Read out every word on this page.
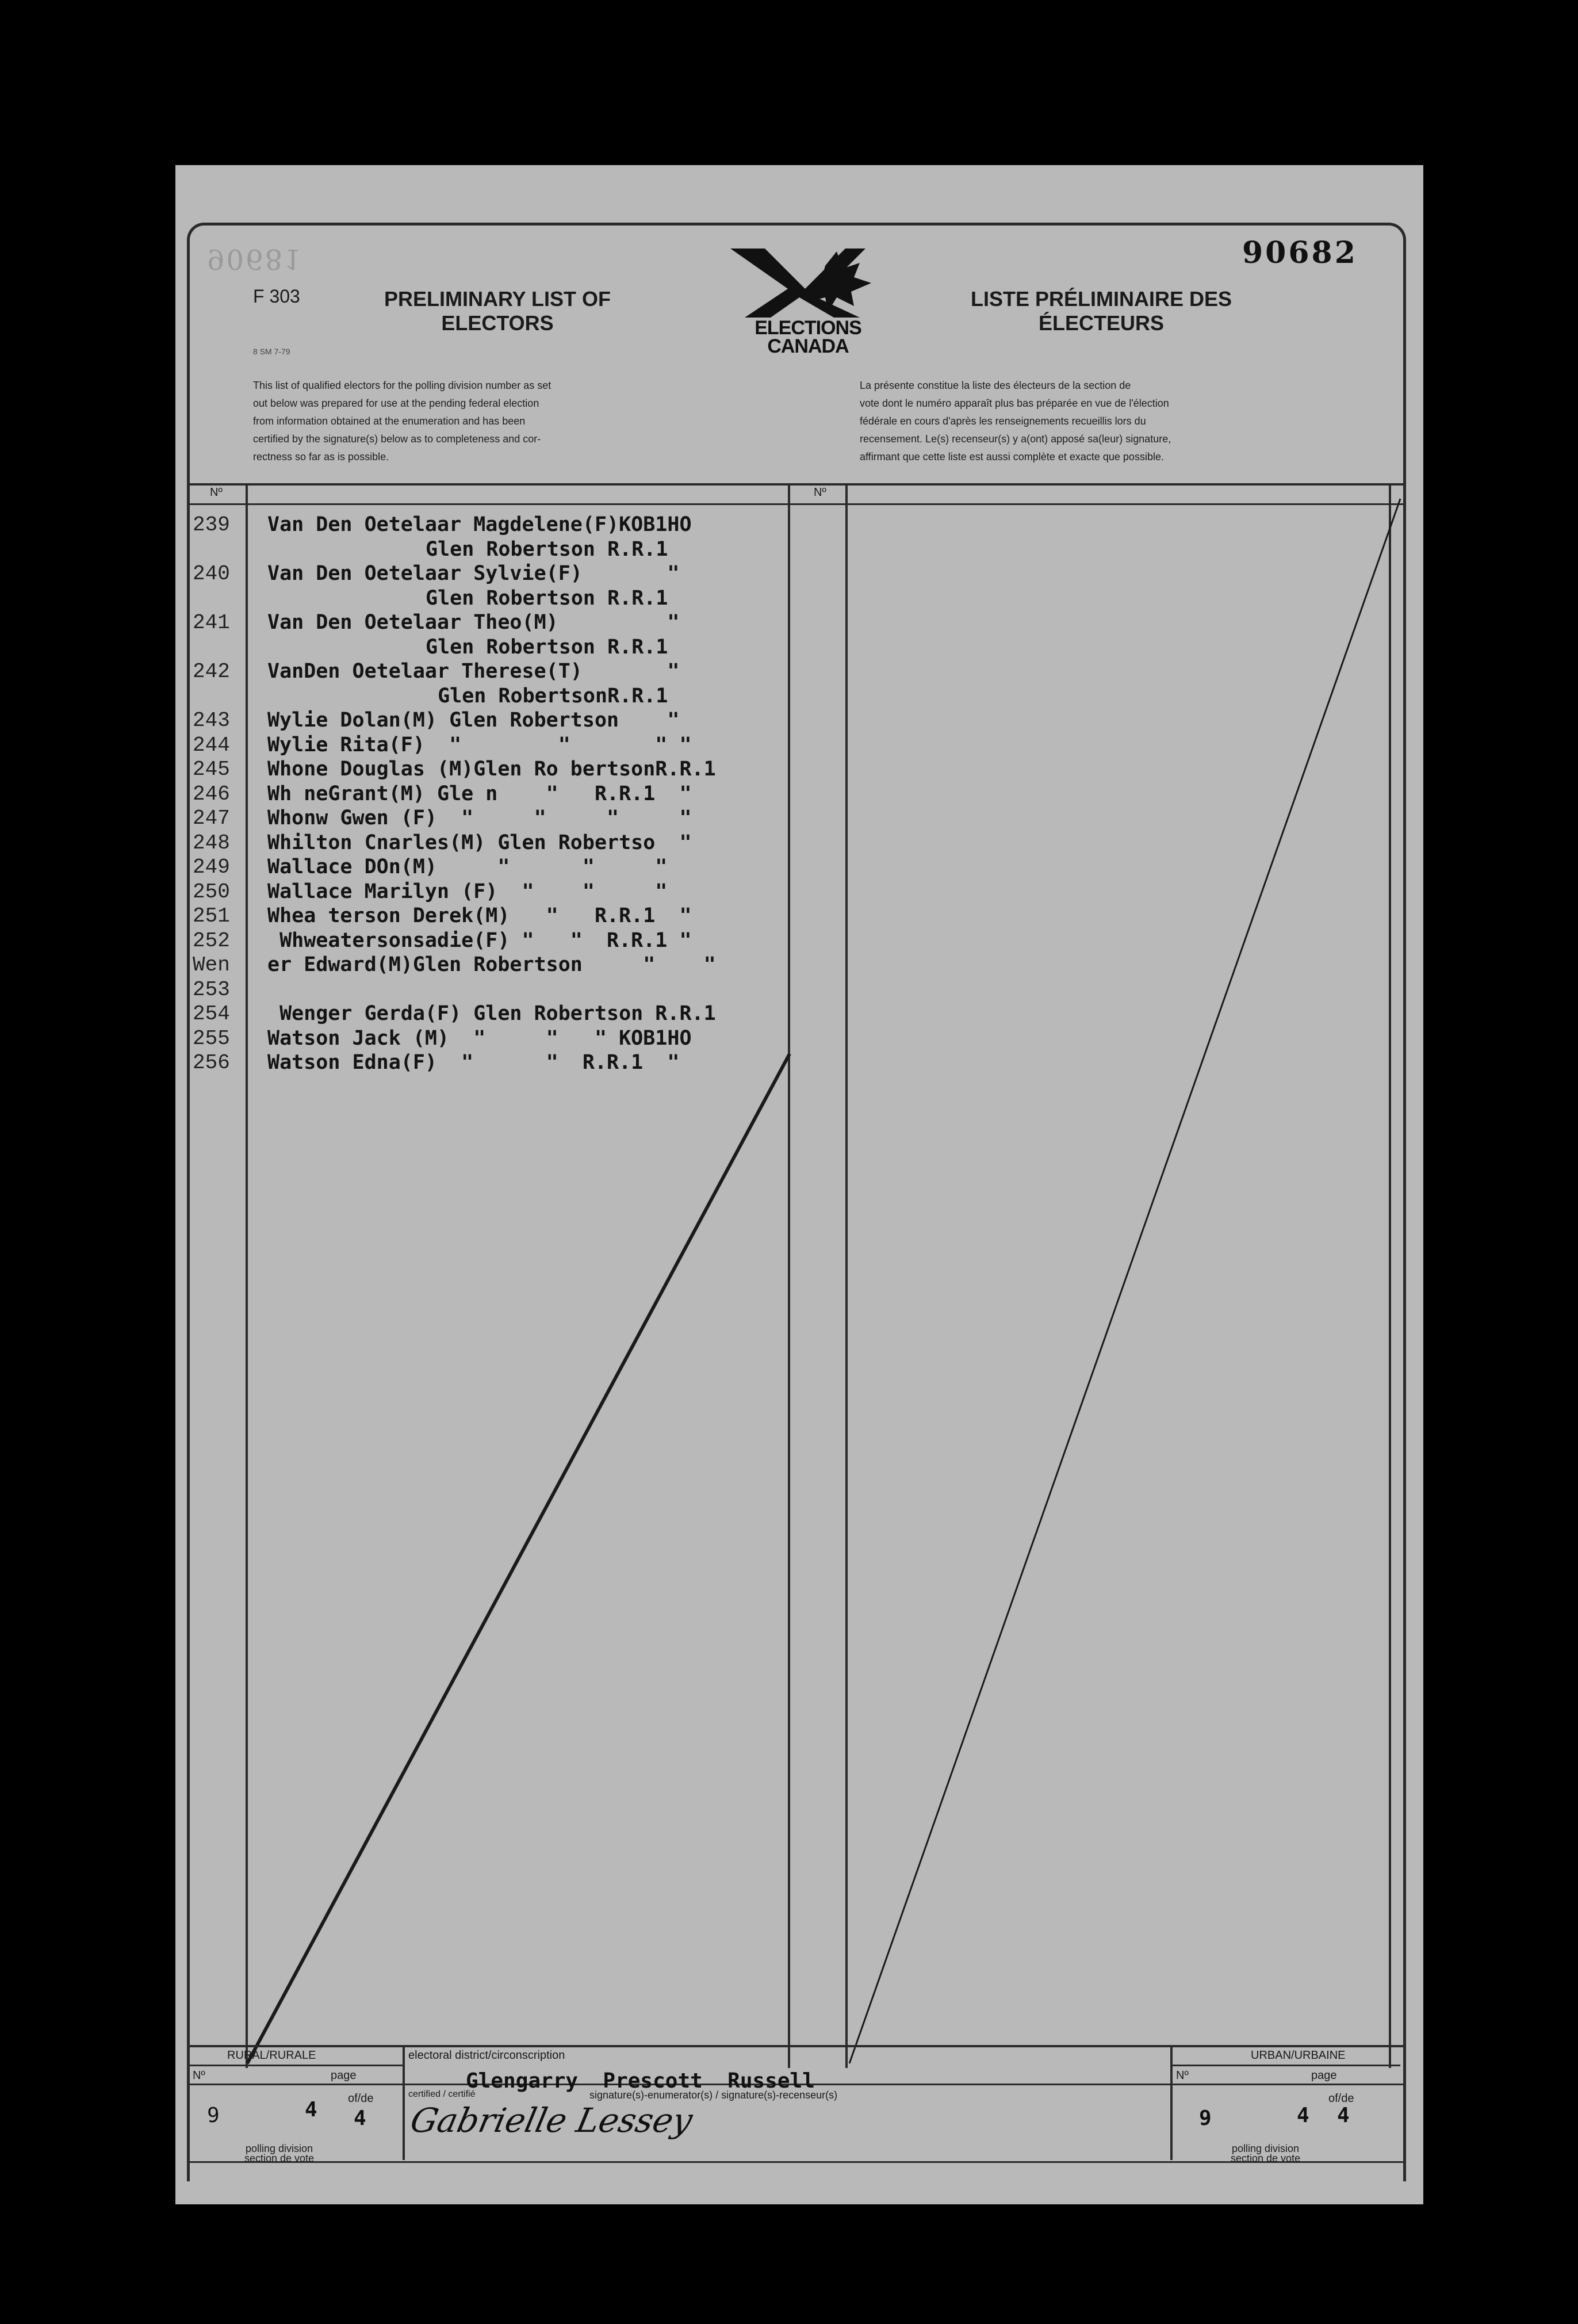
90681	90682
F 303
8 SM 7-79
PRELIMINARY LIST OF
ELECTORS
LISTE PRÉLIMINAIRE DES
ÉLECTEURS
ELECTIONS
CANADA
This list of qualified electors for the polling division number as set
out below was prepared for use at the pending federal election
from information obtained at the enumeration and has been
certified by the signature(s) below as to completeness and cor-
rectness so far as is possible.
La présente constitue la liste des électeurs de la section de
vote dont le numéro apparaît plus bas préparée en vue de l'élection
fédérale en cours d'après les renseignements recueillis lors du
recensement. Le(s) recenseur(s) y a(ont) apposé sa(leur) signature,
affirmant que cette liste est aussi complète et exacte que possible.
Nº	Nº
239	Van Den Oetelaar Magdelene(F)KOB1HO
Glen Robertson R.R.1
240	Van Den Oetelaar Sylvie(F)       "
Glen Robertson R.R.1
241	Van Den Oetelaar Theo(M)         "
Glen Robertson R.R.1
242	VanDen Oetelaar Therese(T)       "
Glen RobertsonR.R.1
243	Wylie Dolan(M) Glen Robertson    "
244	Wylie Rita(F)  "        "       " "
245	Whone Douglas (M)Glen Ro bertsonR.R.1
246	Wh neGrant(M) Gle n    "   R.R.1  "
247	Whonw Gwen (F)  "     "     "     "
248	Whilton Cnarles(M) Glen Robertso  "
249	Wallace DOn(M)     "      "     "
250	Wallace Marilyn (F)  "    "     "
251	Whea terson Derek(M)   "   R.R.1  "
252	Whweatersonsadie(F) "   "  R.R.1 "
Wen	er Edward(M)Glen Robertson     "    "
253
254	Wenger Gerda(F) Glen Robertson R.R.1
255	Watson Jack (M)  "     "   " KOB1HO
256	Watson Edna(F)  "      "  R.R.1  "
RURAL/RURALE	URBAN/URBAINE
electoral district/circonscription
Glengarry  Prescott  Russell
Nº	page
9	4	of/de
4
polling division
section de vote
certified / certifié	signature(s)-enumerator(s) / signature(s)-recenseur(s)
Gabrielle Lessey
Nº	page
9	4
of/de
4
polling division
section de vote
